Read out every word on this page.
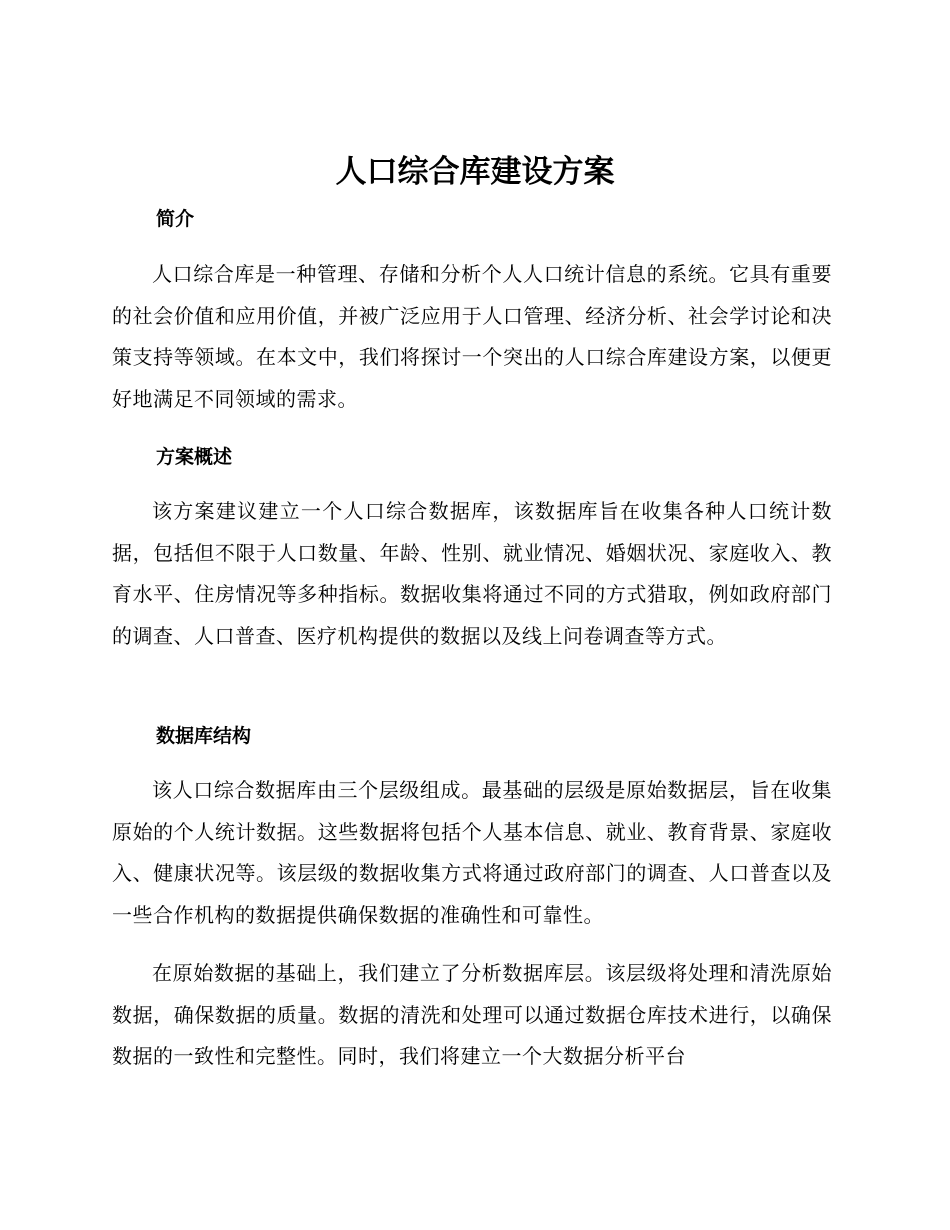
人口综合库建设方案
简介

人口综合库是一种管理、存储和分析个人人口统计信息的系统。它具有重要的社会价值和应用价值，并被广泛应用于人口管理、经济分析、社会学讨论和决策支持等领域。在本文中，我们将探讨一个突出的人口综合库建设方案，以便更好地满足不同领域的需求。

方案概述

该方案建议建立一个人口综合数据库，该数据库旨在收集各种人口统计数据，包括但不限于人口数量、年龄、性别、就业情况、婚姻状况、家庭收入、教育水平、住房情况等多种指标。数据收集将通过不同的方式猎取，例如政府部门的调查、人口普查、医疗机构提供的数据以及线上问卷调查等方式。

数据库结构

该人口综合数据库由三个层级组成。最基础的层级是原始数据层，旨在收集原始的个人统计数据。这些数据将包括个人基本信息、就业、教育背景、家庭收入、健康状况等。该层级的数据收集方式将通过政府部门的调查、人口普查以及一些合作机构的数据提供确保数据的准确性和可靠性。

在原始数据的基础上，我们建立了分析数据库层。该层级将处理和清洗原始数据，确保数据的质量。数据的清洗和处理可以通过数据仓库技术进行，以确保数据的一致性和完整性。同时，我们将建立一个大数据分析平台
